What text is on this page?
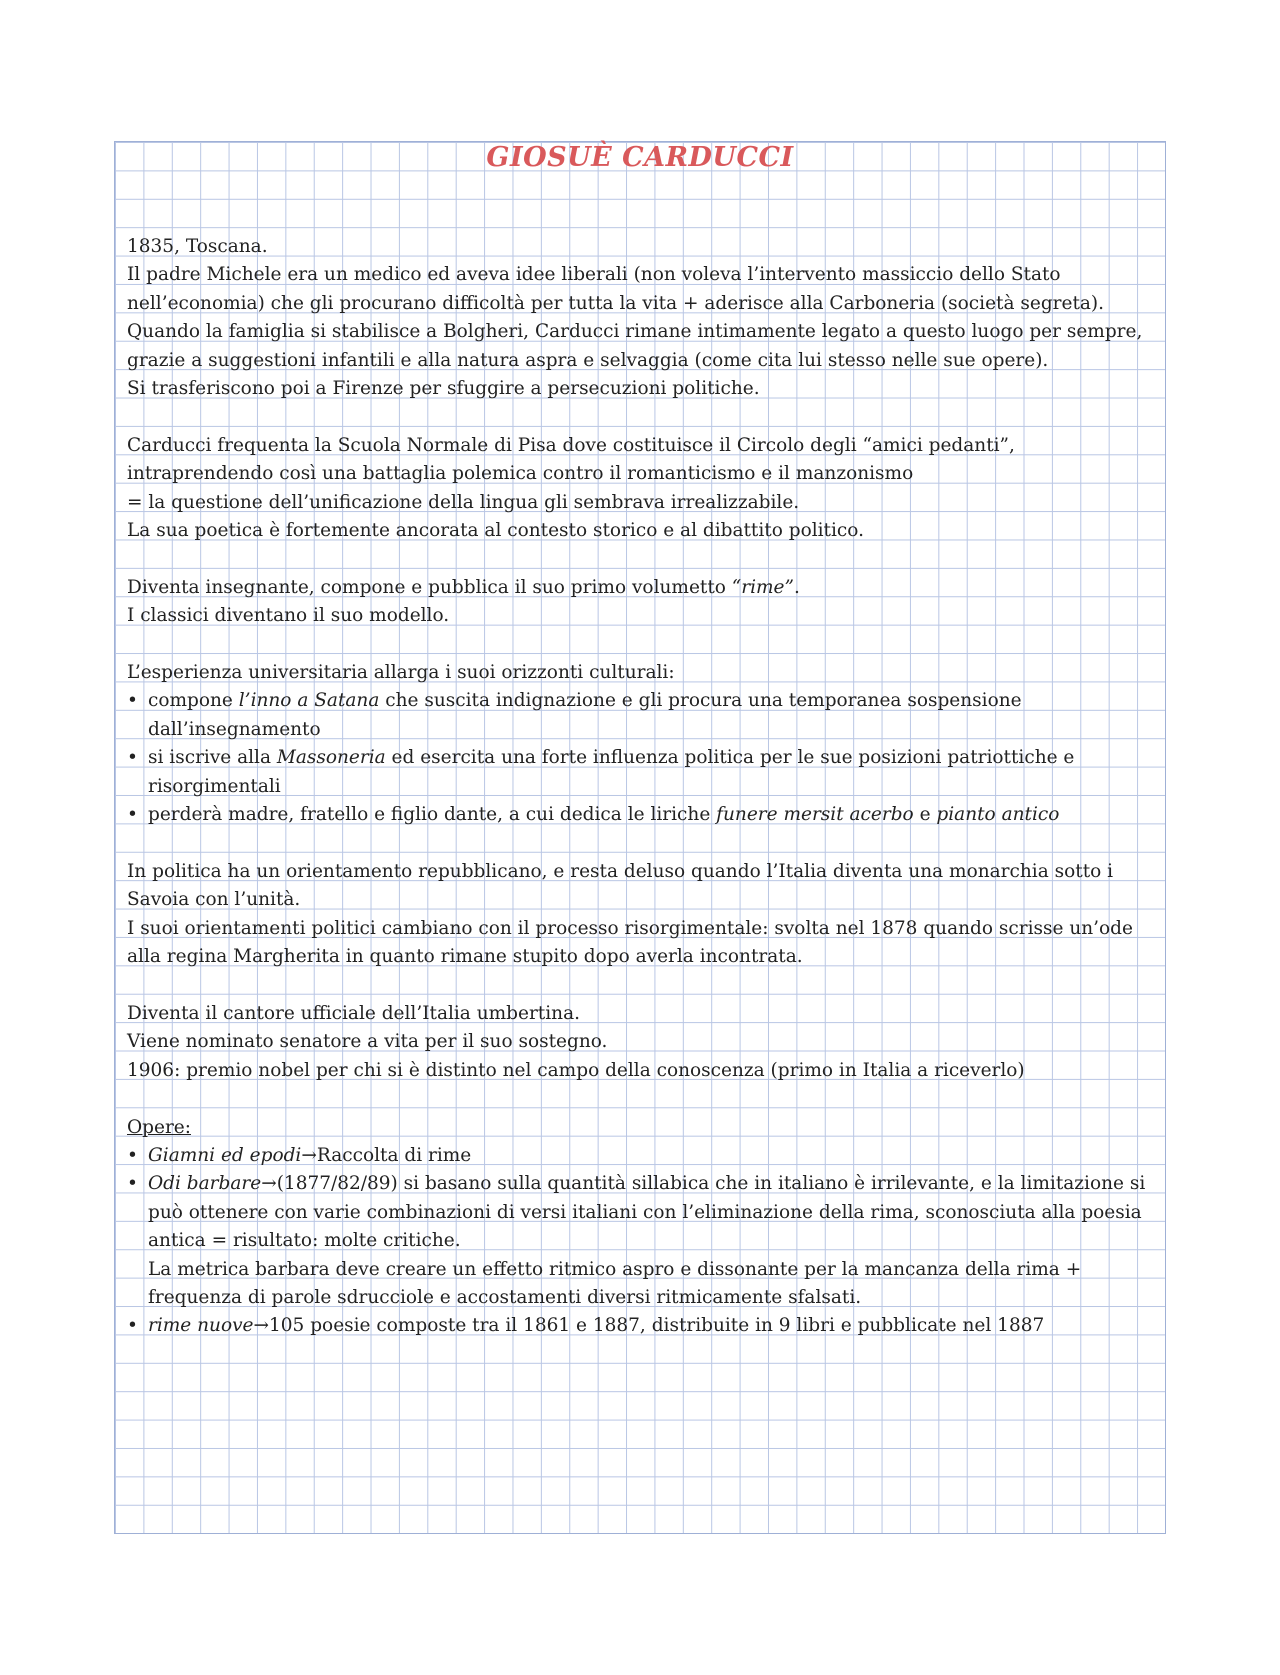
GIOSUÈ CARDUCCI

1835, Toscana.

Il padre Michele era un medico ed aveva idee liberali (non voleva l’intervento massiccio dello Stato nell’economia) che gli procurano difficoltà per tutta la vita + aderisce alla Carboneria (società segreta).

Quando la famiglia si stabilisce a Bolgheri, Carducci rimane intimamente legato a questo luogo per sempre, grazie a suggestioni infantili e alla natura aspra e selvaggia (come cita lui stesso nelle sue opere).

Si trasferiscono poi a Firenze per sfuggire a persecuzioni politiche.

Carducci frequenta la Scuola Normale di Pisa dove costituisce il Circolo degli “amici pedanti”, intraprendendo così una battaglia polemica contro il romanticismo e il manzonismo

= la questione dell’unificazione della lingua gli sembrava irrealizzabile.

La sua poetica è fortemente ancorata al contesto storico e al dibattito politico.

Diventa insegnante, compone e pubblica il suo primo volumetto “rime”.

I classici diventano il suo modello.

L’esperienza universitaria allarga i suoi orizzonti culturali:

• compone l’inno a Satana che suscita indignazione e gli procura una temporanea sospensione dall’insegnamento
• si iscrive alla Massoneria ed esercita una forte influenza politica per le sue posizioni patriottiche e risorgimentali
• perderà madre, fratello e figlio dante, a cui dedica le liriche funere mersit acerbo e pianto antico

In politica ha un orientamento repubblicano, e resta deluso quando l’Italia diventa una monarchia sotto i Savoia con l’unità.

I suoi orientamenti politici cambiano con il processo risorgimentale: svolta nel 1878 quando scrisse un’ode alla regina Margherita in quanto rimane stupito dopo averla incontrata.

Diventa il cantore ufficiale dell’Italia umbertina.

Viene nominato senatore a vita per il suo sostegno.

1906: premio nobel per chi si è distinto nel campo della conoscenza (primo in Italia a riceverlo)

Opere:

• Giamni ed epodi→Raccolta di rime
• Odi barbare→(1877/82/89) si basano sulla quantità sillabica che in italiano è irrilevante, e la limitazione si può ottenere con varie combinazioni di versi italiani con l’eliminazione della rima, sconosciuta alla poesia antica = risultato: molte critiche.
La metrica barbara deve creare un effetto ritmico aspro e dissonante per la mancanza della rima + frequenza di parole sdrucciole e accostamenti diversi ritmicamente sfalsati.
• rime nuove→105 poesie composte tra il 1861 e 1887, distribuite in 9 libri e pubblicate nel 1887
